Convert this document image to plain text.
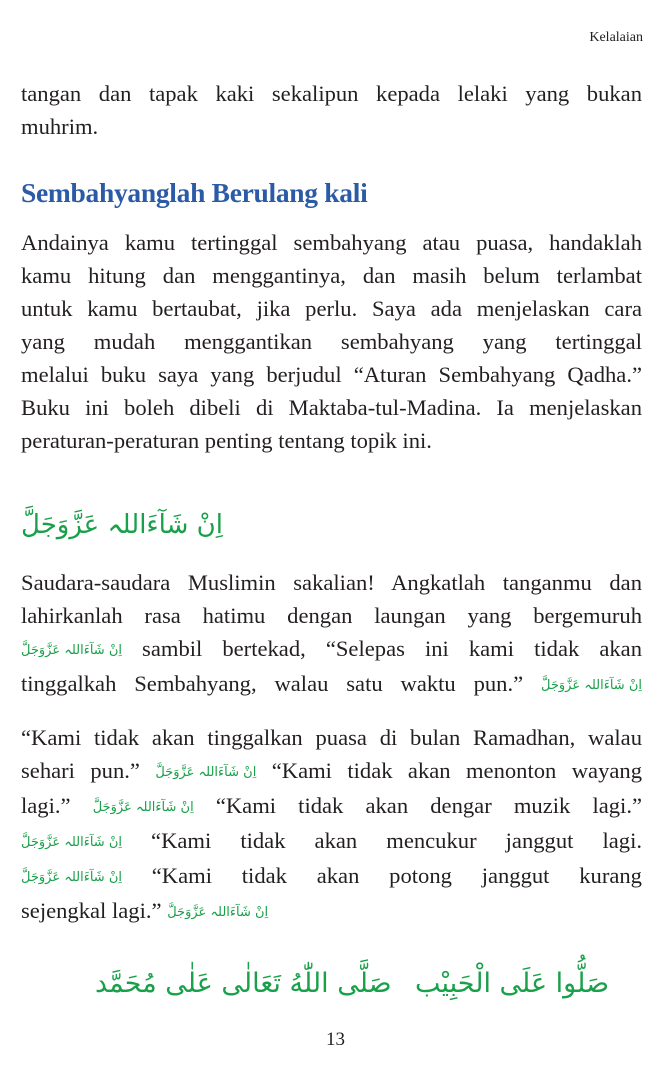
Kelalaian
tangan dan tapak kaki sekalipun kepada lelaki yang bukan
muhrim.
Sembahyanglah Berulang kali
Andainya kamu tertinggal sembahyang atau puasa, handaklah
kamu hitung dan menggantinya, dan masih belum terlambat
untuk kamu bertaubat, jika perlu. Saya ada menjelaskan cara
yang mudah menggantikan sembahyang yang tertinggal
melalui buku saya yang berjudul “Aturan Sembahyang Qadha.”
Buku ini boleh dibeli di Maktaba-tul-Madina. Ia menjelaskan
peraturan-peraturan penting tentang topik ini.
اِنْ شَآءَاللہ عَزَّوَجَلَّ
Saudara-saudara Muslimin sakalian! Angkatlah tanganmu dan
lahirkanlah rasa hatimu dengan laungan yang bergemuruh
اِنْ شَآءَاللہ عَزَّوَجَلَّ sambil bertekad, “Selepas ini kami tidak akan
tinggalkah Sembahyang, walau satu waktu pun.” اِنْ شَآءَاللہ عَزَّوَجَلَّ
“Kami tidak akan tinggalkan puasa di bulan Ramadhan, walau
sehari pun.” اِنْ شَآءَاللہ عَزَّوَجَلَّ “Kami tidak akan menonton wayang
lagi.” اِنْ شَآءَاللہ عَزَّوَجَلَّ “Kami tidak akan dengar muzik lagi.”
اِنْ شَآءَاللہ عَزَّوَجَلَّ “Kami tidak akan mencukur janggut lagi.
اِنْ شَآءَاللہ عَزَّوَجَلَّ “Kami tidak akan potong janggut kurang
sejengkal lagi.” اِنْ شَآءَاللہ عَزَّوَجَلَّ
صَلَّى اللّٰهُ تَعَالٰى عَلٰى مُحَمَّد صَلُّوا عَلَى الْحَبِيْب
13
